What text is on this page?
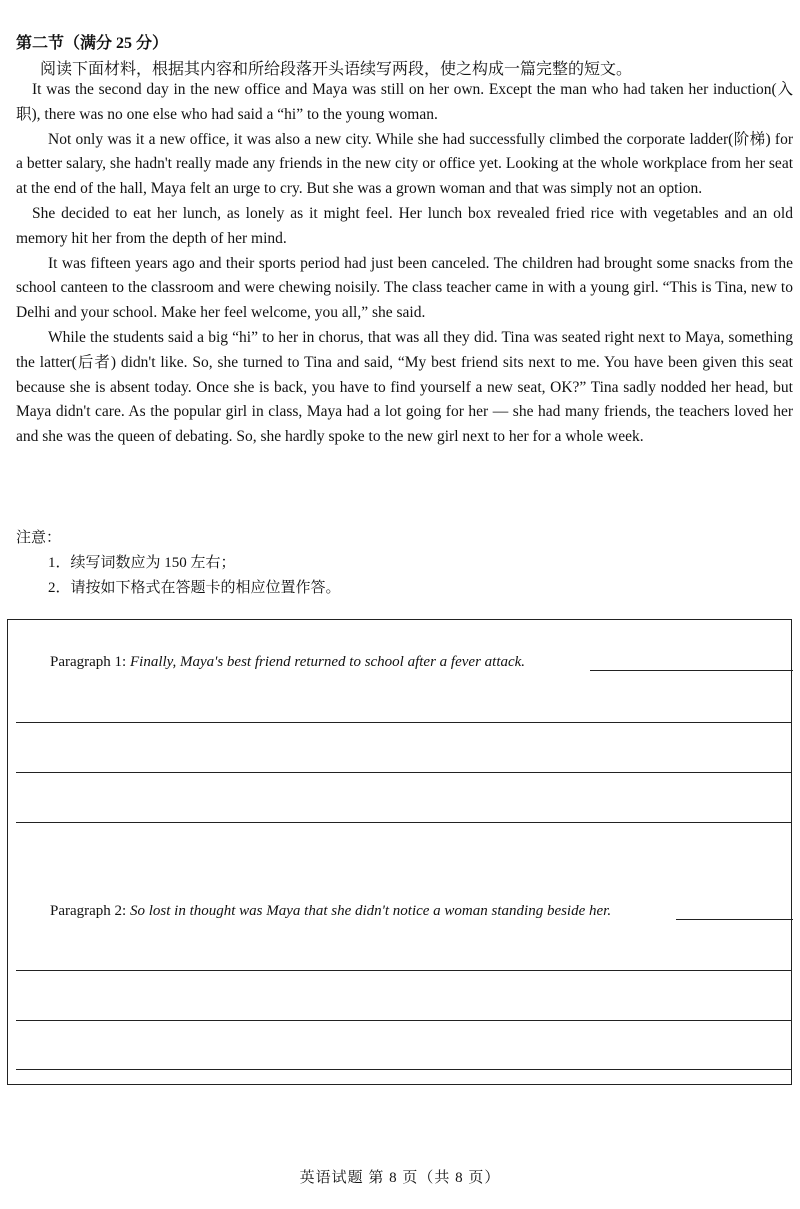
第二节（满分 25 分）
阅读下面材料，根据其内容和所给段落开头语续写两段，使之构成一篇完整的短文。

It was the second day in the new office and Maya was still on her own. Except the man who had taken her induction(入职), there was no one else who had said a “hi” to the young woman.

Not only was it a new office, it was also a new city. While she had successfully climbed the corporate ladder(阶梯) for a better salary, she hadn't really made any friends in the new city or office yet. Looking at the whole workplace from her seat at the end of the hall, Maya felt an urge to cry. But she was a grown woman and that was simply not an option.

She decided to eat her lunch, as lonely as it might feel. Her lunch box revealed fried rice with vegetables and an old memory hit her from the depth of her mind.

It was fifteen years ago and their sports period had just been canceled. The children had brought some snacks from the school canteen to the classroom and were chewing noisily. The class teacher came in with a young girl. “This is Tina, new to Delhi and your school. Make her feel welcome, you all,” she said.

While the students said a big “hi” to her in chorus, that was all they did. Tina was seated right next to Maya, something the latter(后者) didn't like. So, she turned to Tina and said, “My best friend sits next to me. You have been given this seat because she is absent today. Once she is back, you have to find yourself a new seat, OK?” Tina sadly nodded her head, but Maya didn't care. As the popular girl in class, Maya had a lot going for her — she had many friends, the teachers loved her and she was the queen of debating. So, she hardly spoke to the new girl next to her for a whole week.

注意：
1．续写词数应为 150 左右；
2．请按如下格式在答题卡的相应位置作答。
Paragraph 1: Finally, Maya's best friend returned to school after a fever attack.
Paragraph 2: So lost in thought was Maya that she didn't notice a woman standing beside her.
英语试题 第 8 页（共 8 页）
